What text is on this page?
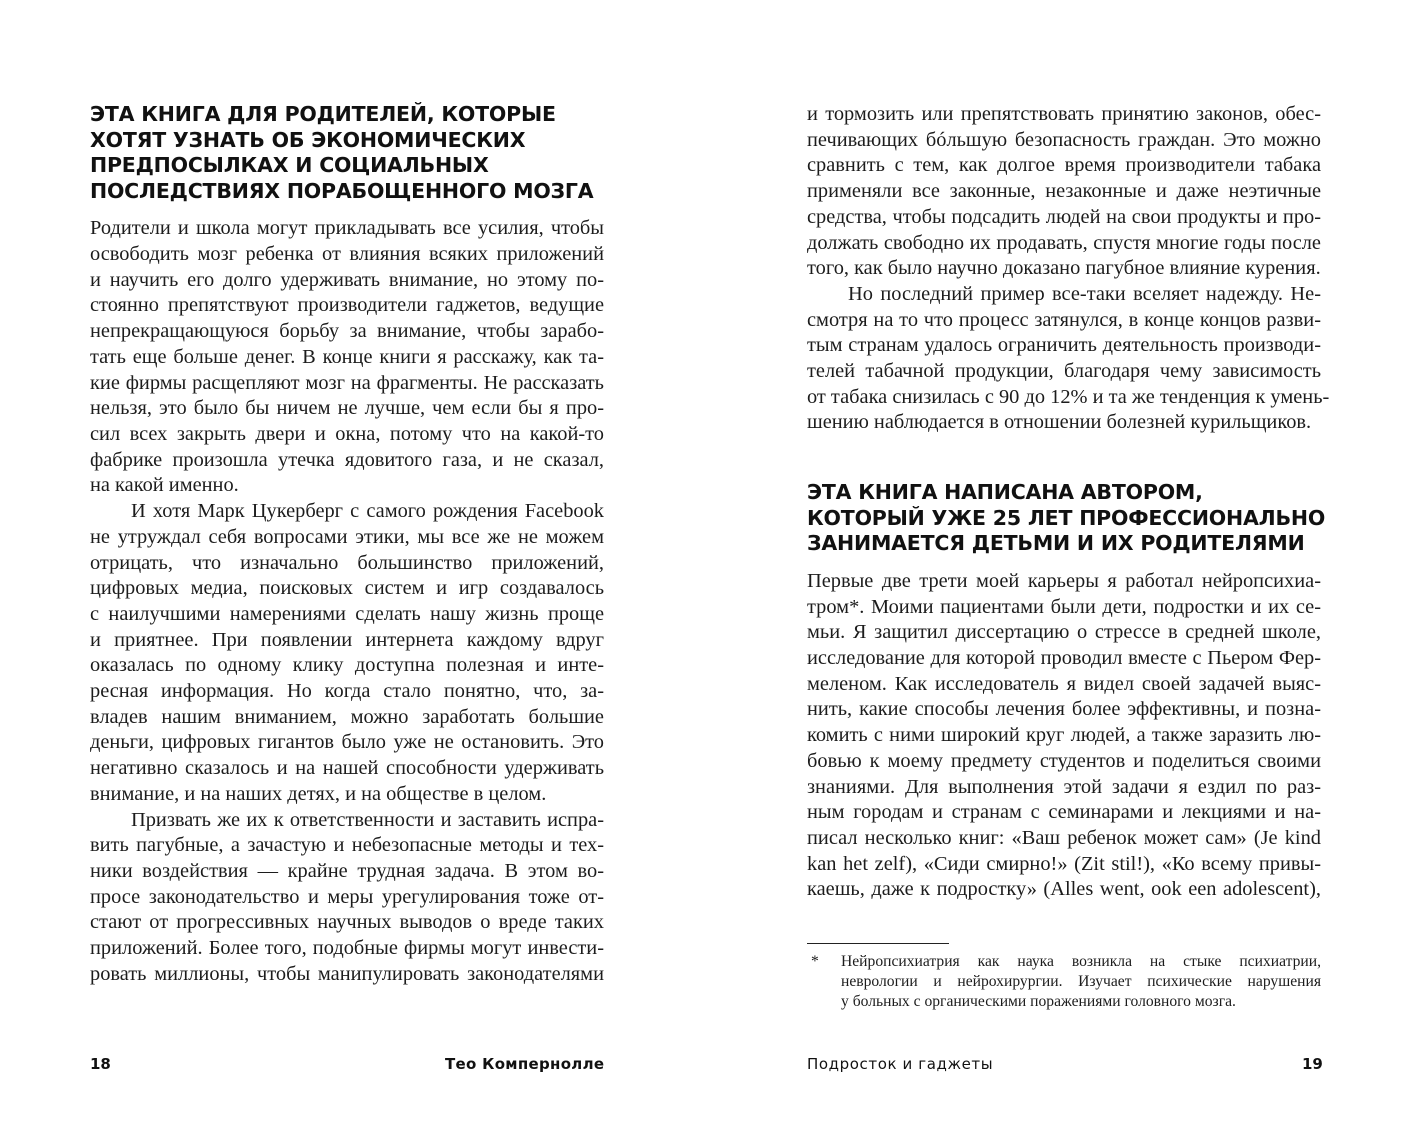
ЭТА КНИГА ДЛЯ РОДИТЕЛЕЙ, КОТОРЫЕ
ХОТЯТ УЗНАТЬ ОБ ЭКОНОМИЧЕСКИХ
ПРЕДПОСЫЛКАХ И СОЦИАЛЬНЫХ
ПОСЛЕДСТВИЯХ ПОРАБОЩЕННОГО МОЗГА

Родители и школа могут прикладывать все усилия, чтобы
освободить мозг ребенка от влияния всяких приложений
и научить его долго удерживать внимание, но этому по-
стоянно препятствуют производители гаджетов, ведущие
непрекращающуюся борьбу за внимание, чтобы зарабо-
тать еще больше денег. В конце книги я расскажу, как та-
кие фирмы расщепляют мозг на фрагменты. Не рассказать
нельзя, это было бы ничем не лучше, чем если бы я про-
сил всех закрыть двери и окна, потому что на какой-то
фабрике произошла утечка ядовитого газа, и не сказал,
на какой именно.

И хотя Марк Цукерберг с самого рождения Facebook
не утруждал себя вопросами этики, мы все же не можем
отрицать, что изначально большинство приложений,
цифровых медиа, поисковых систем и игр создавалось
с наилучшими намерениями сделать нашу жизнь проще
и приятнее. При появлении интернета каждому вдруг
оказалась по одному клику доступна полезная и инте-
ресная информация. Но когда стало понятно, что, за-
владев нашим вниманием, можно заработать большие
деньги, цифровых гигантов было уже не остановить. Это
негативно сказалось и на нашей способности удерживать
внимание, и на наших детях, и на обществе в целом.

Призвать же их к ответственности и заставить испра-
вить пагубные, а зачастую и небезопасные методы и тех-
ники воздействия — крайне трудная задача. В этом во-
просе законодательство и меры урегулирования тоже от-
стают от прогрессивных научных выводов о вреде таких
приложений. Более того, подобные фирмы могут инвести-
ровать миллионы, чтобы манипулировать законодателями

18	Тео Компернолле

и тормозить или препятствовать принятию законов, обес-
печивающих бóльшую безопасность граждан. Это можно
сравнить с тем, как долгое время производители табака
применяли все законные, незаконные и даже неэтичные
средства, чтобы подсадить людей на свои продукты и про-
должать свободно их продавать, спустя многие годы после
того, как было научно доказано пагубное влияние курения.

Но последний пример все-таки вселяет надежду. Не-
смотря на то что процесс затянулся, в конце концов разви-
тым странам удалось ограничить деятельность производи-
телей табачной продукции, благодаря чему зависимость
от табака снизилась с 90 до 12% и та же тенденция к умень-
шению наблюдается в отношении болезней курильщиков.

ЭТА КНИГА НАПИСАНА АВТОРОМ,
КОТОРЫЙ УЖЕ 25 ЛЕТ ПРОФЕССИОНАЛЬНО
ЗАНИМАЕТСЯ ДЕТЬМИ И ИХ РОДИТЕЛЯМИ

Первые две трети моей карьеры я работал нейропсихиа-
тром*. Моими пациентами были дети, подростки и их се-
мьи. Я защитил диссертацию о стрессе в средней школе,
исследование для которой проводил вместе с Пьером Фер-
меленом. Как исследователь я видел своей задачей выяс-
нить, какие способы лечения более эффективны, и позна-
комить с ними широкий круг людей, а также заразить лю-
бовью к моему предмету студентов и поделиться своими
знаниями. Для выполнения этой задачи я ездил по раз-
ным городам и странам с семинарами и лекциями и на-
писал несколько книг: «Ваш ребенок может сам» (Je kind
kan het zelf), «Сиди смирно!» (Zit stil!), «Ко всему привы-
каешь, даже к подростку» (Alles went, ook een adolescent),

* Нейропсихиатрия как наука возникла на стыке психиатрии,
неврологии и нейрохирургии. Изучает психические нарушения
у больных с органическими поражениями головного мозга.
Подросток и гаджеты	19
